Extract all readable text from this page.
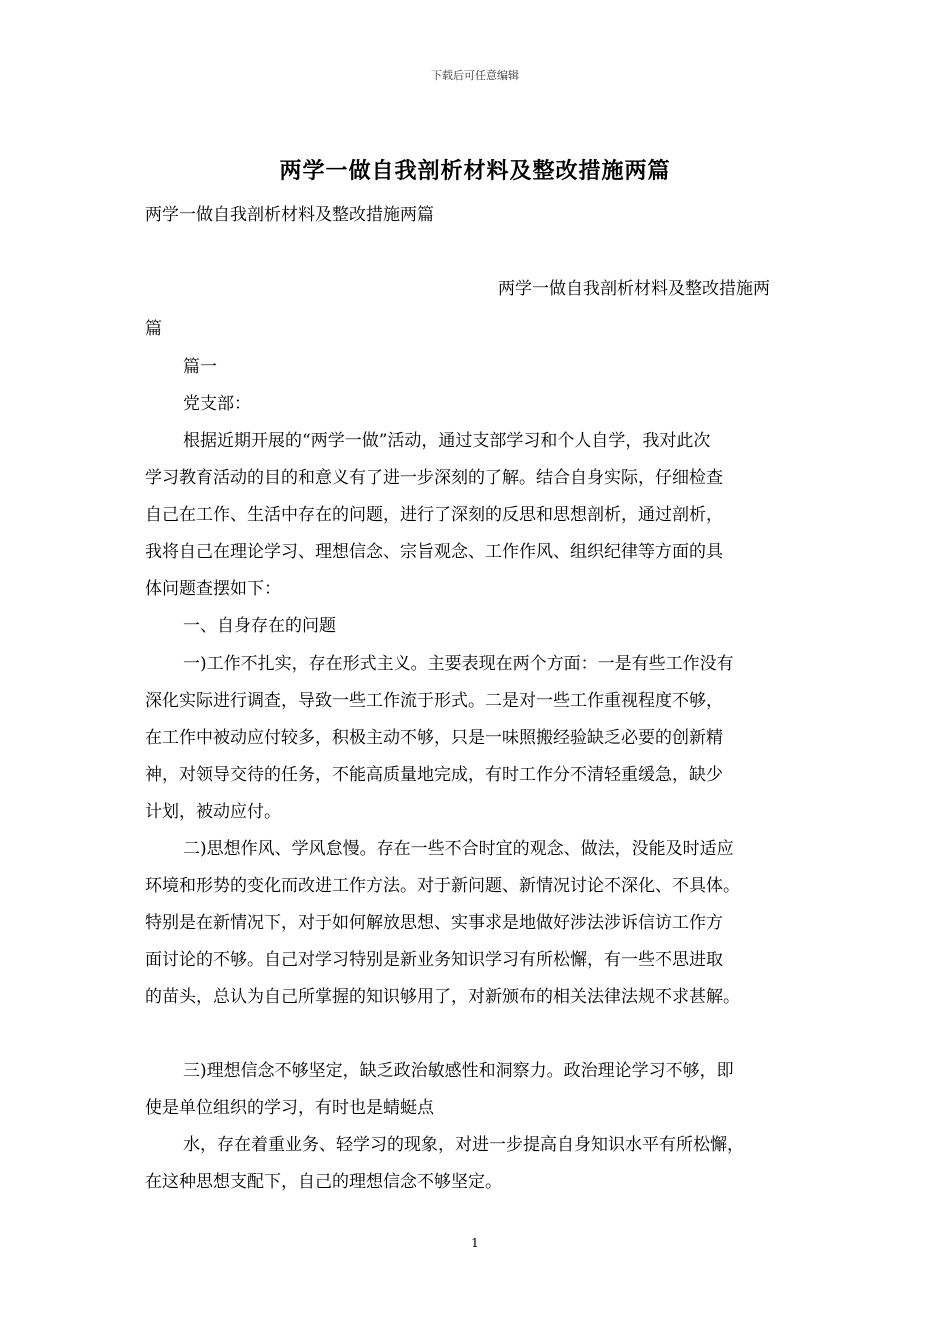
下载后可任意编辑
两学一做自我剖析材料及整改措施两篇
两学一做自我剖析材料及整改措施两篇
两学一做自我剖析材料及整改措施两
篇
篇一
党支部：
根据近期开展的“两学一做”活动，通过支部学习和个人自学，我对此次
学习教育活动的目的和意义有了进一步深刻的了解。结合自身实际，仔细检查
自己在工作、生活中存在的问题，进行了深刻的反思和思想剖析，通过剖析，
我将自己在理论学习、理想信念、宗旨观念、工作作风、组织纪律等方面的具
体问题查摆如下：
一、自身存在的问题
一)工作不扎实，存在形式主义。主要表现在两个方面：一是有些工作没有
深化实际进行调查，导致一些工作流于形式。二是对一些工作重视程度不够，
在工作中被动应付较多，积极主动不够，只是一味照搬经验缺乏必要的创新精
神，对领导交待的任务，不能高质量地完成，有时工作分不清轻重缓急，缺少
计划，被动应付。
二)思想作风、学风怠慢。存在一些不合时宜的观念、做法，没能及时适应
环境和形势的变化而改进工作方法。对于新问题、新情况讨论不深化、不具体。
特别是在新情况下，对于如何解放思想、实事求是地做好涉法涉诉信访工作方
面讨论的不够。自己对学习特别是新业务知识学习有所松懈，有一些不思进取
的苗头，总认为自己所掌握的知识够用了，对新颁布的相关法律法规不求甚解。
三)理想信念不够坚定，缺乏政治敏感性和洞察力。政治理论学习不够，即
使是单位组织的学习，有时也是蜻蜓点
水，存在着重业务、轻学习的现象，对进一步提高自身知识水平有所松懈，
在这种思想支配下，自己的理想信念不够坚定。
1
